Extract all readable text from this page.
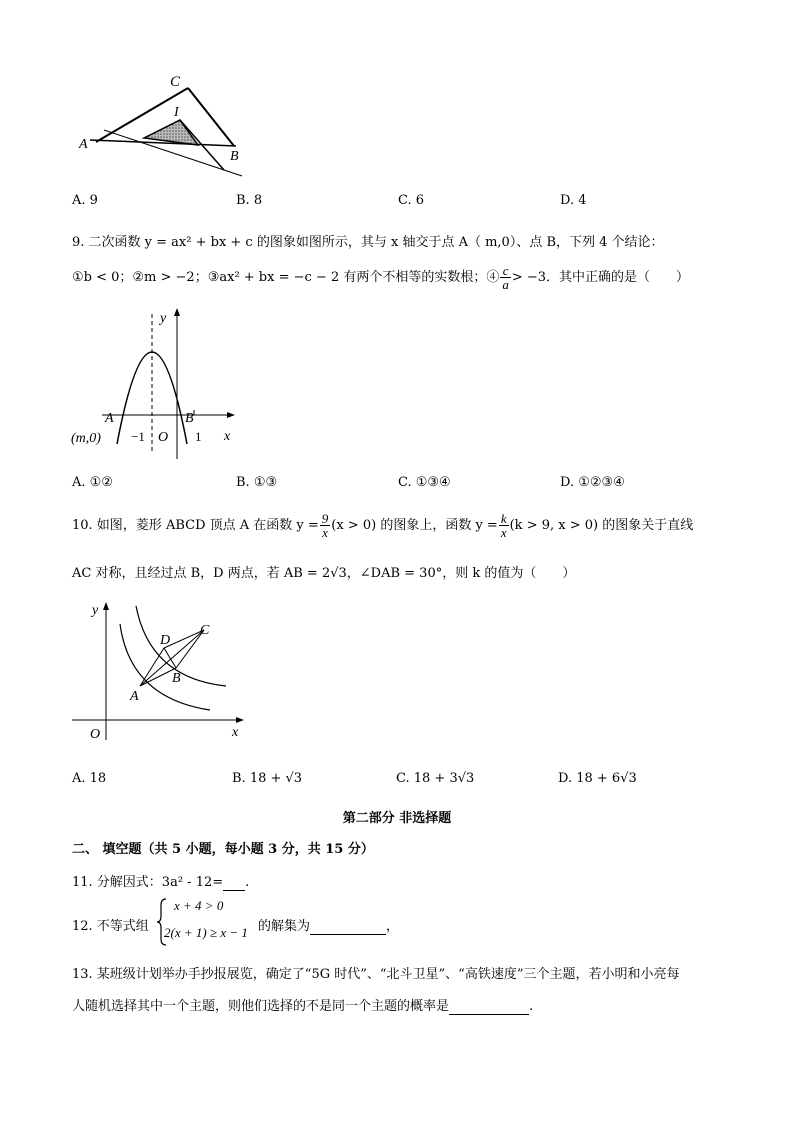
C
I
A
B
A. 9	B. 8	C. 6	D. 4
9. 二次函数 y = ax² + bx + c 的图象如图所示，其与 x 轴交于点 A（ m,0）、点 B，下列 4 个结论：
①b < 0；②m > −2；③ax² + bx = −c − 2 有两个不相等的实数根；④ $\frac{c}{a} > -3$．其中正确的是（　　）
y
A	B
(m,0) −1 O 1 x
A. ①②	B. ①③	C. ①③④	D. ①②③④
10. 如图，菱形 ABCD 顶点 A 在函数 $y = \frac{9}{x} (x > 0)$ 的图象上，函数 $y = \frac{k}{x} (k > 9$, x > 0) 的图象关于直线
AC 对称，且经过点 B，D 两点，若 AB = 2√3，∠DAB = 30°，则 k 的值为（　　）
y
D
C
B
A
O	x
A. 18	B. 18 + √3	C. 18 + 3√3	D. 18 + 6√3
第二部分 非选择题
二、 填空题（共 5 小题，每小题 3 分，共 15 分）
11. 分解因式：3a² - 12= .
12. 不等式组
x + 4 > 0
2(x + 1) ≥ x − 1 的解集为	，
13. 某班级计划举办手抄报展览，确定了“5G 时代”、“北斗卫星”、“高铁速度”三个主题，若小明和小亮每
人随机选择其中一个主题，则他们选择的不是同一个主题的概率是	.
